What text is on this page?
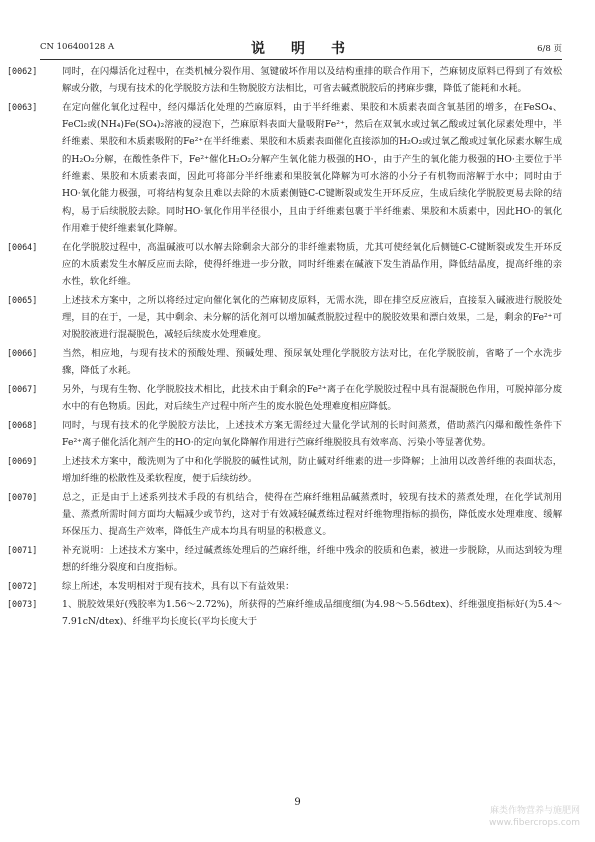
CN 106400128 A	说　明　书	6/8 页

[0062]	同时，在闪爆活化过程中，在类机械分裂作用、氢键破坏作用以及结构重排的联合作用下，苎麻韧皮原料已得到了有效松解或分散，与现有技术的化学脱胶方法和生物脱胶方法相比，可省去碱煮脱胶后的拷麻步骤，降低了能耗和水耗。

[0063]	在定向催化氧化过程中，经闪爆活化处理的苎麻原料，由于半纤维素、果胶和木质素表面含氧基团的增多，在FeSO₄、FeCl₂或(NH₄)Fe(SO₄)₂溶液的浸泡下，苎麻原料表面大量吸附Fe²⁺，然后在双氧水或过氧乙酸或过氧化尿素处理中，半纤维素、果胶和木质素吸附的Fe²⁺在半纤维素、果胶和木质素表面催化直接添加的H₂O₂或过氧乙酸或过氧化尿素水解生成的H₂O₂分解，在酸性条件下，Fe²⁺催化H₂O₂分解产生氧化能力极强的HO·，由于产生的氧化能力极强的HO·主要位于半纤维素、果胶和木质素表面，因此可将部分半纤维素和果胶氧化降解为可水溶的小分子有机物而溶解于水中；同时由于HO·氧化能力极强，可将结构复杂且难以去除的木质素侧链C-C键断裂或发生开环反应，生成后续化学脱胶更易去除的结构，易于后续脱胶去除。同时HO·氧化作用半径很小，且由于纤维素包裹于半纤维素、果胶和木质素中，因此HO·的氧化作用难于使纤维素氧化降解。

[0064]	在化学脱胶过程中，高温碱液可以水解去除剩余大部分的非纤维素物质，尤其可使经氧化后侧链C-C键断裂或发生开环反应的木质素发生水解反应而去除，使得纤维进一步分散，同时纤维素在碱液下发生消晶作用，降低结晶度，提高纤维的亲水性，软化纤维。

[0065]	上述技术方案中，之所以将经过定向催化氧化的苎麻韧皮原料，无需水洗，即在排空反应液后，直接泵入碱液进行脱胶处理，目的在于，一是，其中剩余、未分解的活化剂可以增加碱煮脱胶过程中的脱胶效果和漂白效果，二是，剩余的Fe²⁺可对脱胶液进行混凝脱色，减轻后续废水处理难度。

[0066]	当然，相应地，与现有技术的预酸处理、预碱处理、预尿氧处理化学脱胶方法对比，在化学脱胶前，省略了一个水洗步骤，降低了水耗。

[0067]	另外，与现有生物、化学脱胶技术相比，此技术由于剩余的Fe²⁺离子在化学脱胶过程中具有混凝脱色作用，可脱掉部分废水中的有色物质。因此，对后续生产过程中所产生的废水脱色处理难度相应降低。

[0068]	同时，与现有技术的化学脱胶方法比，上述技术方案无需经过大量化学试剂的长时间蒸煮，借助蒸汽闪爆和酸性条件下Fe²⁺离子催化活化剂产生的HO·的定向氧化降解作用进行苎麻纤维脱胶具有效率高、污染小等显著优势。

[0069]	上述技术方案中，酸洗则为了中和化学脱胶的碱性试剂，防止碱对纤维素的进一步降解；上油用以改善纤维的表面状态，增加纤维的松散性及柔软程度，便于后续纺纱。

[0070]	总之，正是由于上述系列技术手段的有机结合，使得在苎麻纤维粗品碱蒸煮时，较现有技术的蒸煮处理，在化学试剂用量、蒸煮所需时间方面均大幅减少或节约，这对于有效减轻碱煮练过程对纤维物理指标的损伤，降低废水处理难度、缓解环保压力、提高生产效率，降低生产成本均具有明显的积极意义。

[0071]	补充说明：上述技术方案中，经过碱煮练处理后的苎麻纤维，纤维中残余的胶质和色素，被进一步脱除，从而达到较为理想的纤维分裂度和白度指标。

[0072]	综上所述，本发明相对于现有技术，具有以下有益效果：

[0073]	1、脱胶效果好(残胶率为1.56～2.72%)，所获得的苎麻纤维成品细度细(为4.98～5.56dtex)、纤维强度指标好(为5.4～7.91cN/dtex)、纤维平均长度长(平均长度大于

9
麻类作物营养与施肥网
www.fibercrops.com
